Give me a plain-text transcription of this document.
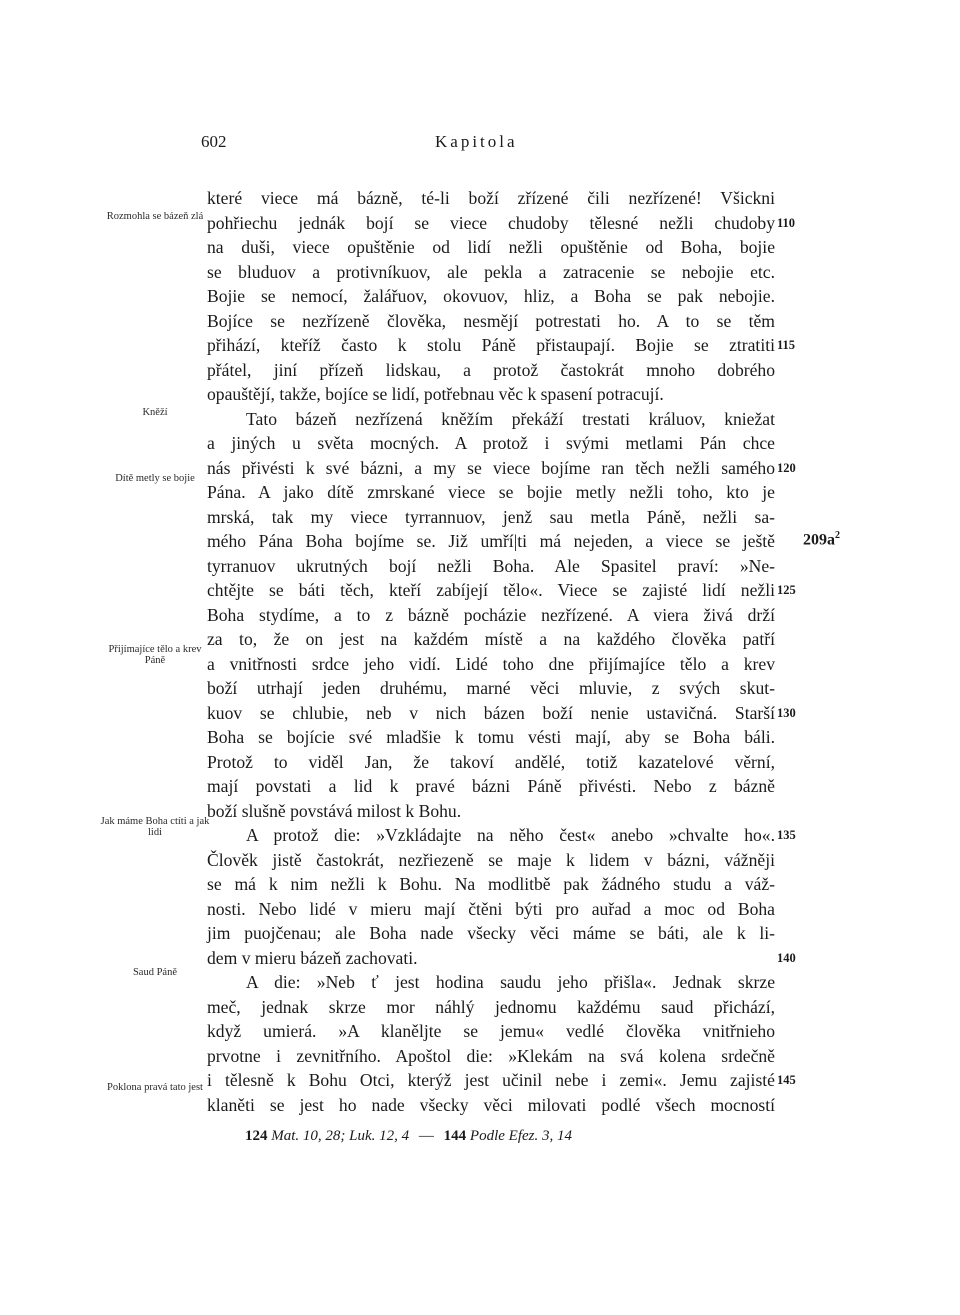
602	Kapitola
Rozmohla se bázeň zlá
Kněží
Dítě metly se bojie
Přijímajíce tělo a krev Páně
Jak máme Boha ctíti a jak lidi
Saud Páně
Poklona pravá tato jest
které viece má bázně, té-li boží zřízené čili nezřízené! Všickni
pohřiechu jednák bojí se viece chudoby tělesné nežli chudoby
na duši, viece opuštěnie od lidí nežli opuštěnie od Boha, bojie
se bluduov a protivníkuov, ale pekla a zatracenie se nebojie etc.
Bojie se nemocí, žalářuov, okovuov, hliz, a Boha se pak nebojie.
Bojíce se nezřízeně člověka, nesmějí potrestati ho. A to se těm
přihází, kteříž často k stolu Páně přistaupají. Bojie se ztratiti
přátel, jiní přízeň lidskau, a protož častokrát mnoho dobrého
opauštějí, takže, bojíce se lidí, potřebnau věc k spasení potracují.
Tato bázeň nezřízená kněžím překáží trestati králuov, kniežat
a jiných u světa mocných. A protož i svými metlami Pán chce
nás přivésti k své bázni, a my se viece bojíme ran těch nežli samého
Pána. A jako dítě zmrskané viece se bojie metly nežli toho, kto je
mrská, tak my viece tyrrannuov, jenž sau metla Páně, nežli sa-
mého Pána Boha bojíme se. Již umří|ti má nejeden, a viece se ještě
tyrranuov ukrutných bojí nežli Boha. Ale Spasitel praví: »Ne-
chtějte se báti těch, kteří zabíjejí tělo«. Viece se zajisté lidí nežli
Boha stydíme, a to z bázně pocházie nezřízené. A viera živá drží
za to, že on jest na každém místě a na každého člověka patří
a vnitřnosti srdce jeho vidí. Lidé toho dne přijímajíce tělo a krev
boží utrhají jeden druhému, marné věci mluvie, z svých skut-
kuov se chlubie, neb v nich bázen boží nenie ustavičná. Starší
Boha se bojície své mladšie k tomu vésti mají, aby se Boha báli.
Protož to viděl Jan, že takoví andělé, totiž kazatelové věrní,
mají povstati a lid k pravé bázni Páně přivésti. Nebo z bázně
boží slušně povstává milost k Bohu.
A protož die: »Vzkládajte na něho čest« anebo »chvalte ho«.
Člověk jistě častokrát, nezřiezeně se maje k lidem v bázni, vážněji
se má k nim nežli k Bohu. Na modlitbě pak žádného studu a váž-
nosti. Nebo lidé v mieru mají čtěni býti pro auřad a moc od Boha
jim puojčenau; ale Boha nade všecky věci máme se báti, ale k li-
dem v mieru bázeň zachovati.
A die: »Neb ť jest hodina saudu jeho přišla«. Jednak skrze
meč, jednak skrze mor náhlý jednomu každému saud přichází,
když umierá. »A klaněljte se jemu« vedlé člověka vnitřnieho
prvotne i zevnitřního. Apoštol die: »Klekám na svá kolena srdečně
i tělesně k Bohu Otci, kterýž jest učinil nebe i zemi«. Jemu zajisté
klaněti se jest ho nade všecky věci milovati podlé všech mocností
110
115
120
125
130
135
140
145
$209a^2$
124 Mat. 10, 28; Luk. 12, 4 — 144 Podle Efez. 3, 14
